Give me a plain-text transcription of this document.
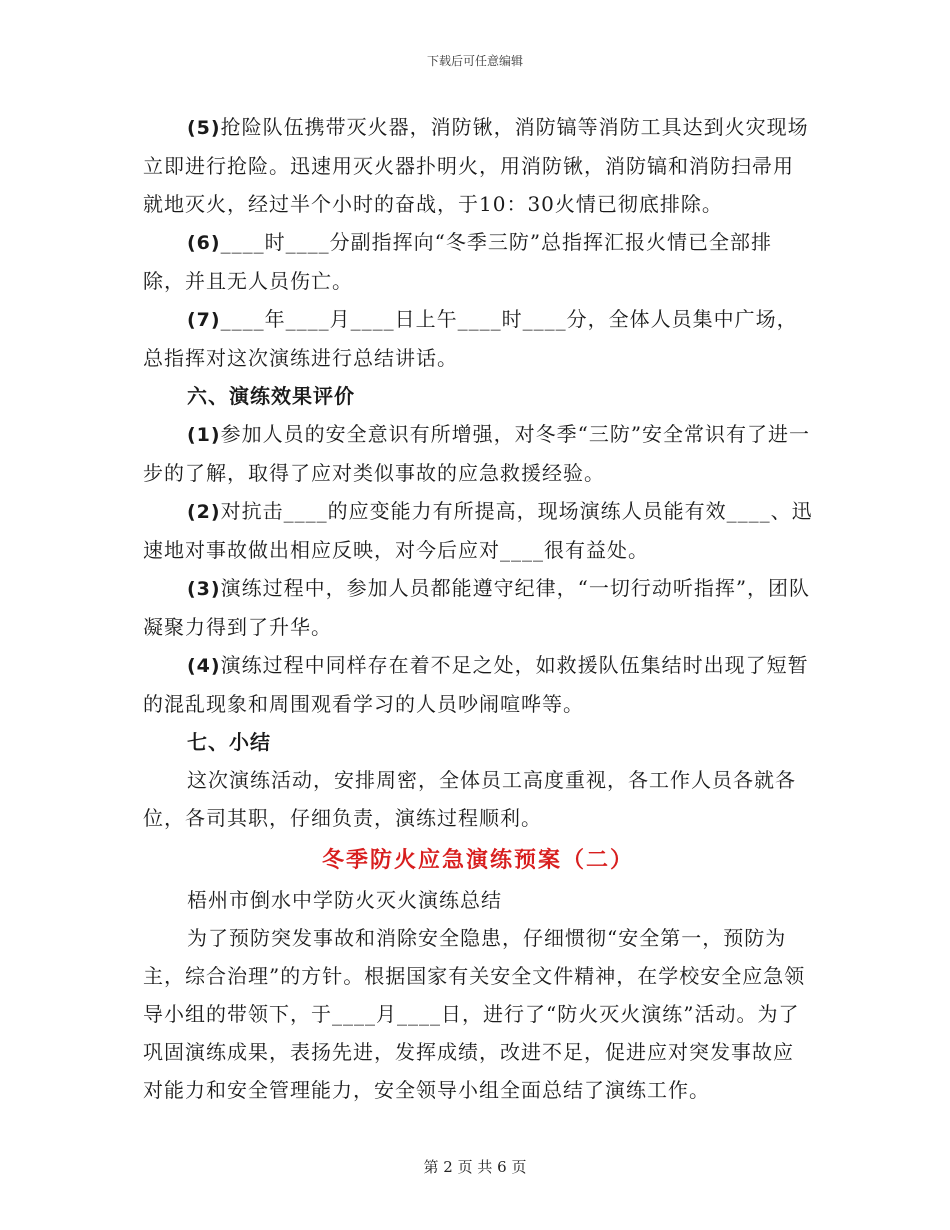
下载后可任意编辑

(5)抢险队伍携带灭火器，消防锹，消防镐等消防工具达到火灾现场立即进行抢险。迅速用灭火器扑明火，用消防锹，消防镐和消防扫帚用就地灭火，经过半个小时的奋战，于10：30火情已彻底排除。

(6)____时____分副指挥向“冬季三防”总指挥汇报火情已全部排除，并且无人员伤亡。

(7)____年____月____日上午____时____分，全体人员集中广场，总指挥对这次演练进行总结讲话。

六、演练效果评价

(1)参加人员的安全意识有所增强，对冬季“三防”安全常识有了进一步的了解，取得了应对类似事故的应急救援经验。

(2)对抗击____的应变能力有所提高，现场演练人员能有效____、迅速地对事故做出相应反映，对今后应对____很有益处。

(3)演练过程中，参加人员都能遵守纪律，“一切行动听指挥”，团队凝聚力得到了升华。

(4)演练过程中同样存在着不足之处，如救援队伍集结时出现了短暂的混乱现象和周围观看学习的人员吵闹喧哗等。

七、小结

这次演练活动，安排周密，全体员工高度重视，各工作人员各就各位，各司其职，仔细负责，演练过程顺利。

冬季防火应急演练预案（二）

梧州市倒水中学防火灭火演练总结

为了预防突发事故和消除安全隐患，仔细惯彻“安全第一，预防为主，综合治理”的方针。根据国家有关安全文件精神，在学校安全应急领导小组的带领下，于____月____日，进行了“防火灭火演练”活动。为了巩固演练成果，表扬先进，发挥成绩，改进不足，促进应对突发事故应对能力和安全管理能力，安全领导小组全面总结了演练工作。

第 2 页 共 6 页
